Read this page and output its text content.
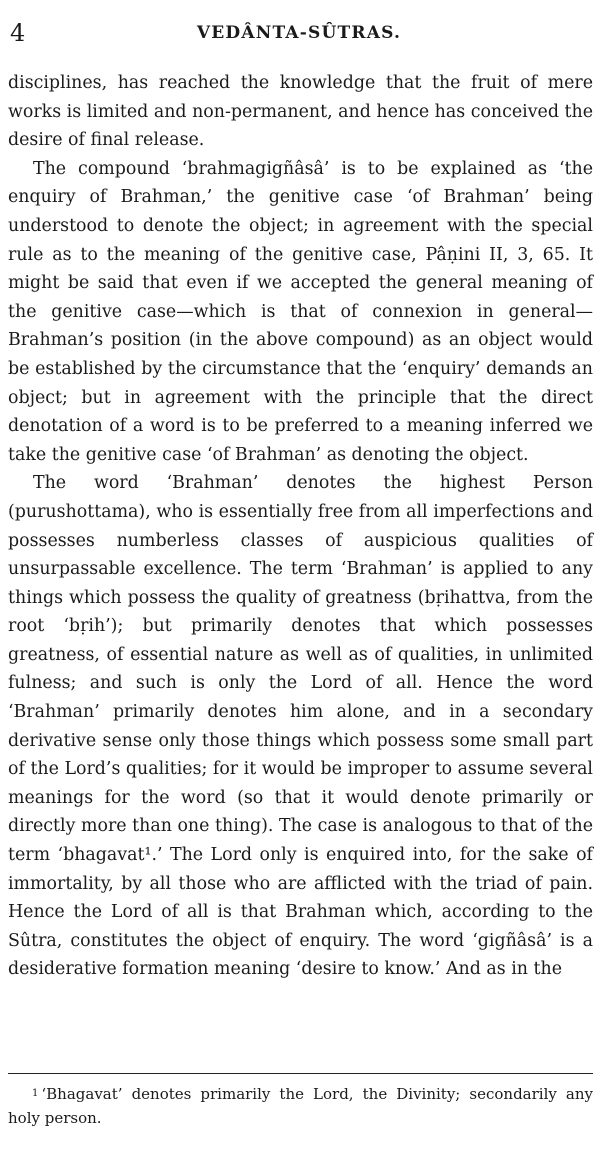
4	VEDÂNTA-SÛTRAS.

disciplines, has reached the knowledge that the fruit of mere works is limited and non-permanent, and hence has conceived the desire of final release.

The compound ‘brahmagigñâsâ’ is to be explained as ‘the enquiry of Brahman,’ the genitive case ‘of Brahman’ being understood to denote the object; in agreement with the special rule as to the meaning of the genitive case, Pâṇini II, 3, 65. It might be said that even if we accepted the general meaning of the genitive case—which is that of connexion in general—Brahman’s position (in the above compound) as an object would be established by the circumstance that the ‘enquiry’ demands an object; but in agreement with the principle that the direct denotation of a word is to be preferred to a meaning inferred we take the genitive case ‘of Brahman’ as denoting the object.

The word ‘Brahman’ denotes the highest Person (purushottama), who is essentially free from all imperfections and possesses numberless classes of auspicious qualities of unsurpassable excellence. The term ‘Brahman’ is applied to any things which possess the quality of greatness (bṛihattva, from the root ‘bṛih’); but primarily denotes that which possesses greatness, of essential nature as well as of qualities, in unlimited fulness; and such is only the Lord of all. Hence the word ‘Brahman’ primarily denotes him alone, and in a secondary derivative sense only those things which possess some small part of the Lord’s qualities; for it would be improper to assume several meanings for the word (so that it would denote primarily or directly more than one thing). The case is analogous to that of the term ‘bhagavat¹.’ The Lord only is enquired into, for the sake of immortality, by all those who are afflicted with the triad of pain. Hence the Lord of all is that Brahman which, according to the Sûtra, constitutes the object of enquiry. The word ‘gigñâsâ’ is a desiderative formation meaning ‘desire to know.’ And as in the

$^1$ ‘Bhagavat’ denotes primarily the Lord, the Divinity; secondarily any holy person.
